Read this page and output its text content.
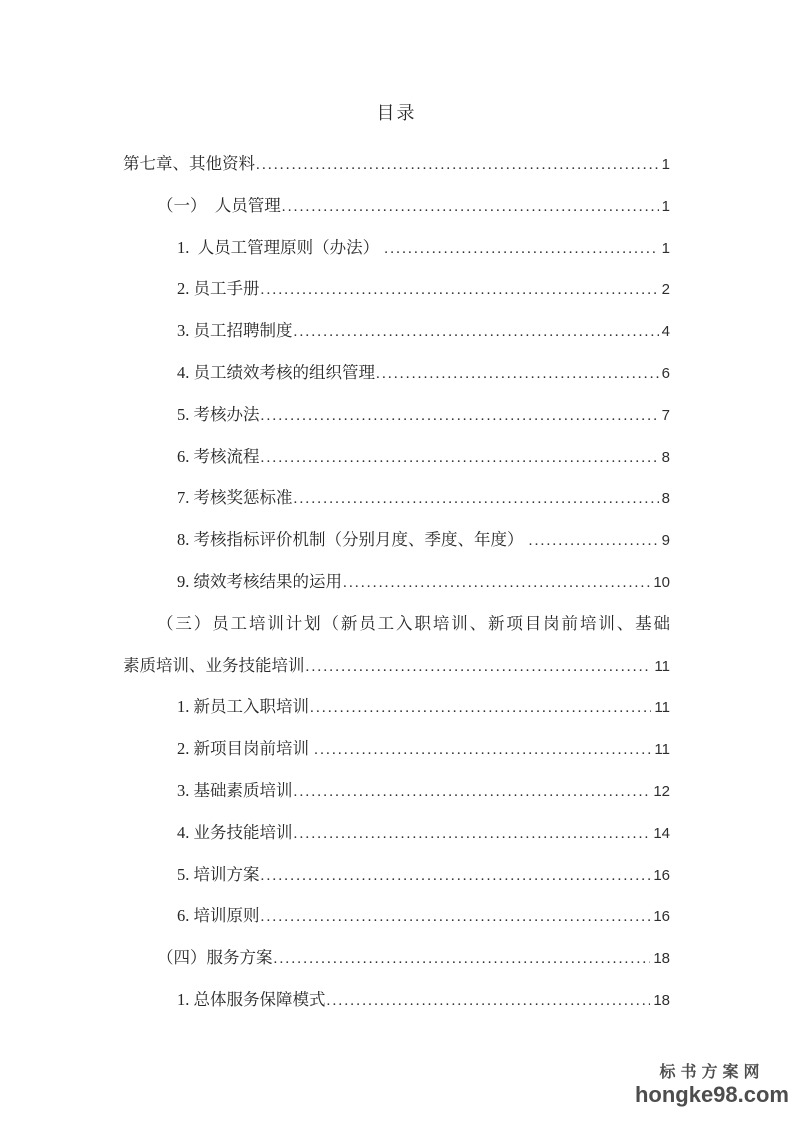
目录
第七章、其他资料 .....	1
（一）　人员管理 .....	1
1.  人员工管理原则（办法） .....	1
2. 员工手册 .....	2
3. 员工招聘制度 .....	4
4. 员工绩效考核的组织管理 .....	6
5. 考核办法 .....	7
6. 考核流程 .....	8
7. 考核奖惩标准 .....	8
8. 考核指标评价机制（分别月度、季度、年度） .....	9
9. 绩效考核结果的运用 .....	10
（三）员工培训计划（新员工入职培训、新项目岗前培训、基础
素质培训、业务技能培训 .....	11
1. 新员工入职培训 .....	11
2. 新项目岗前培训 .....	11
3. 基础素质培训 .....	12
4. 业务技能培训 .....	14
5. 培训方案 .....	16
6. 培训原则 .....	16
（四）服务方案 .....	18
1. 总体服务保障模式 .....	18
标书方案网
hongke98.com
